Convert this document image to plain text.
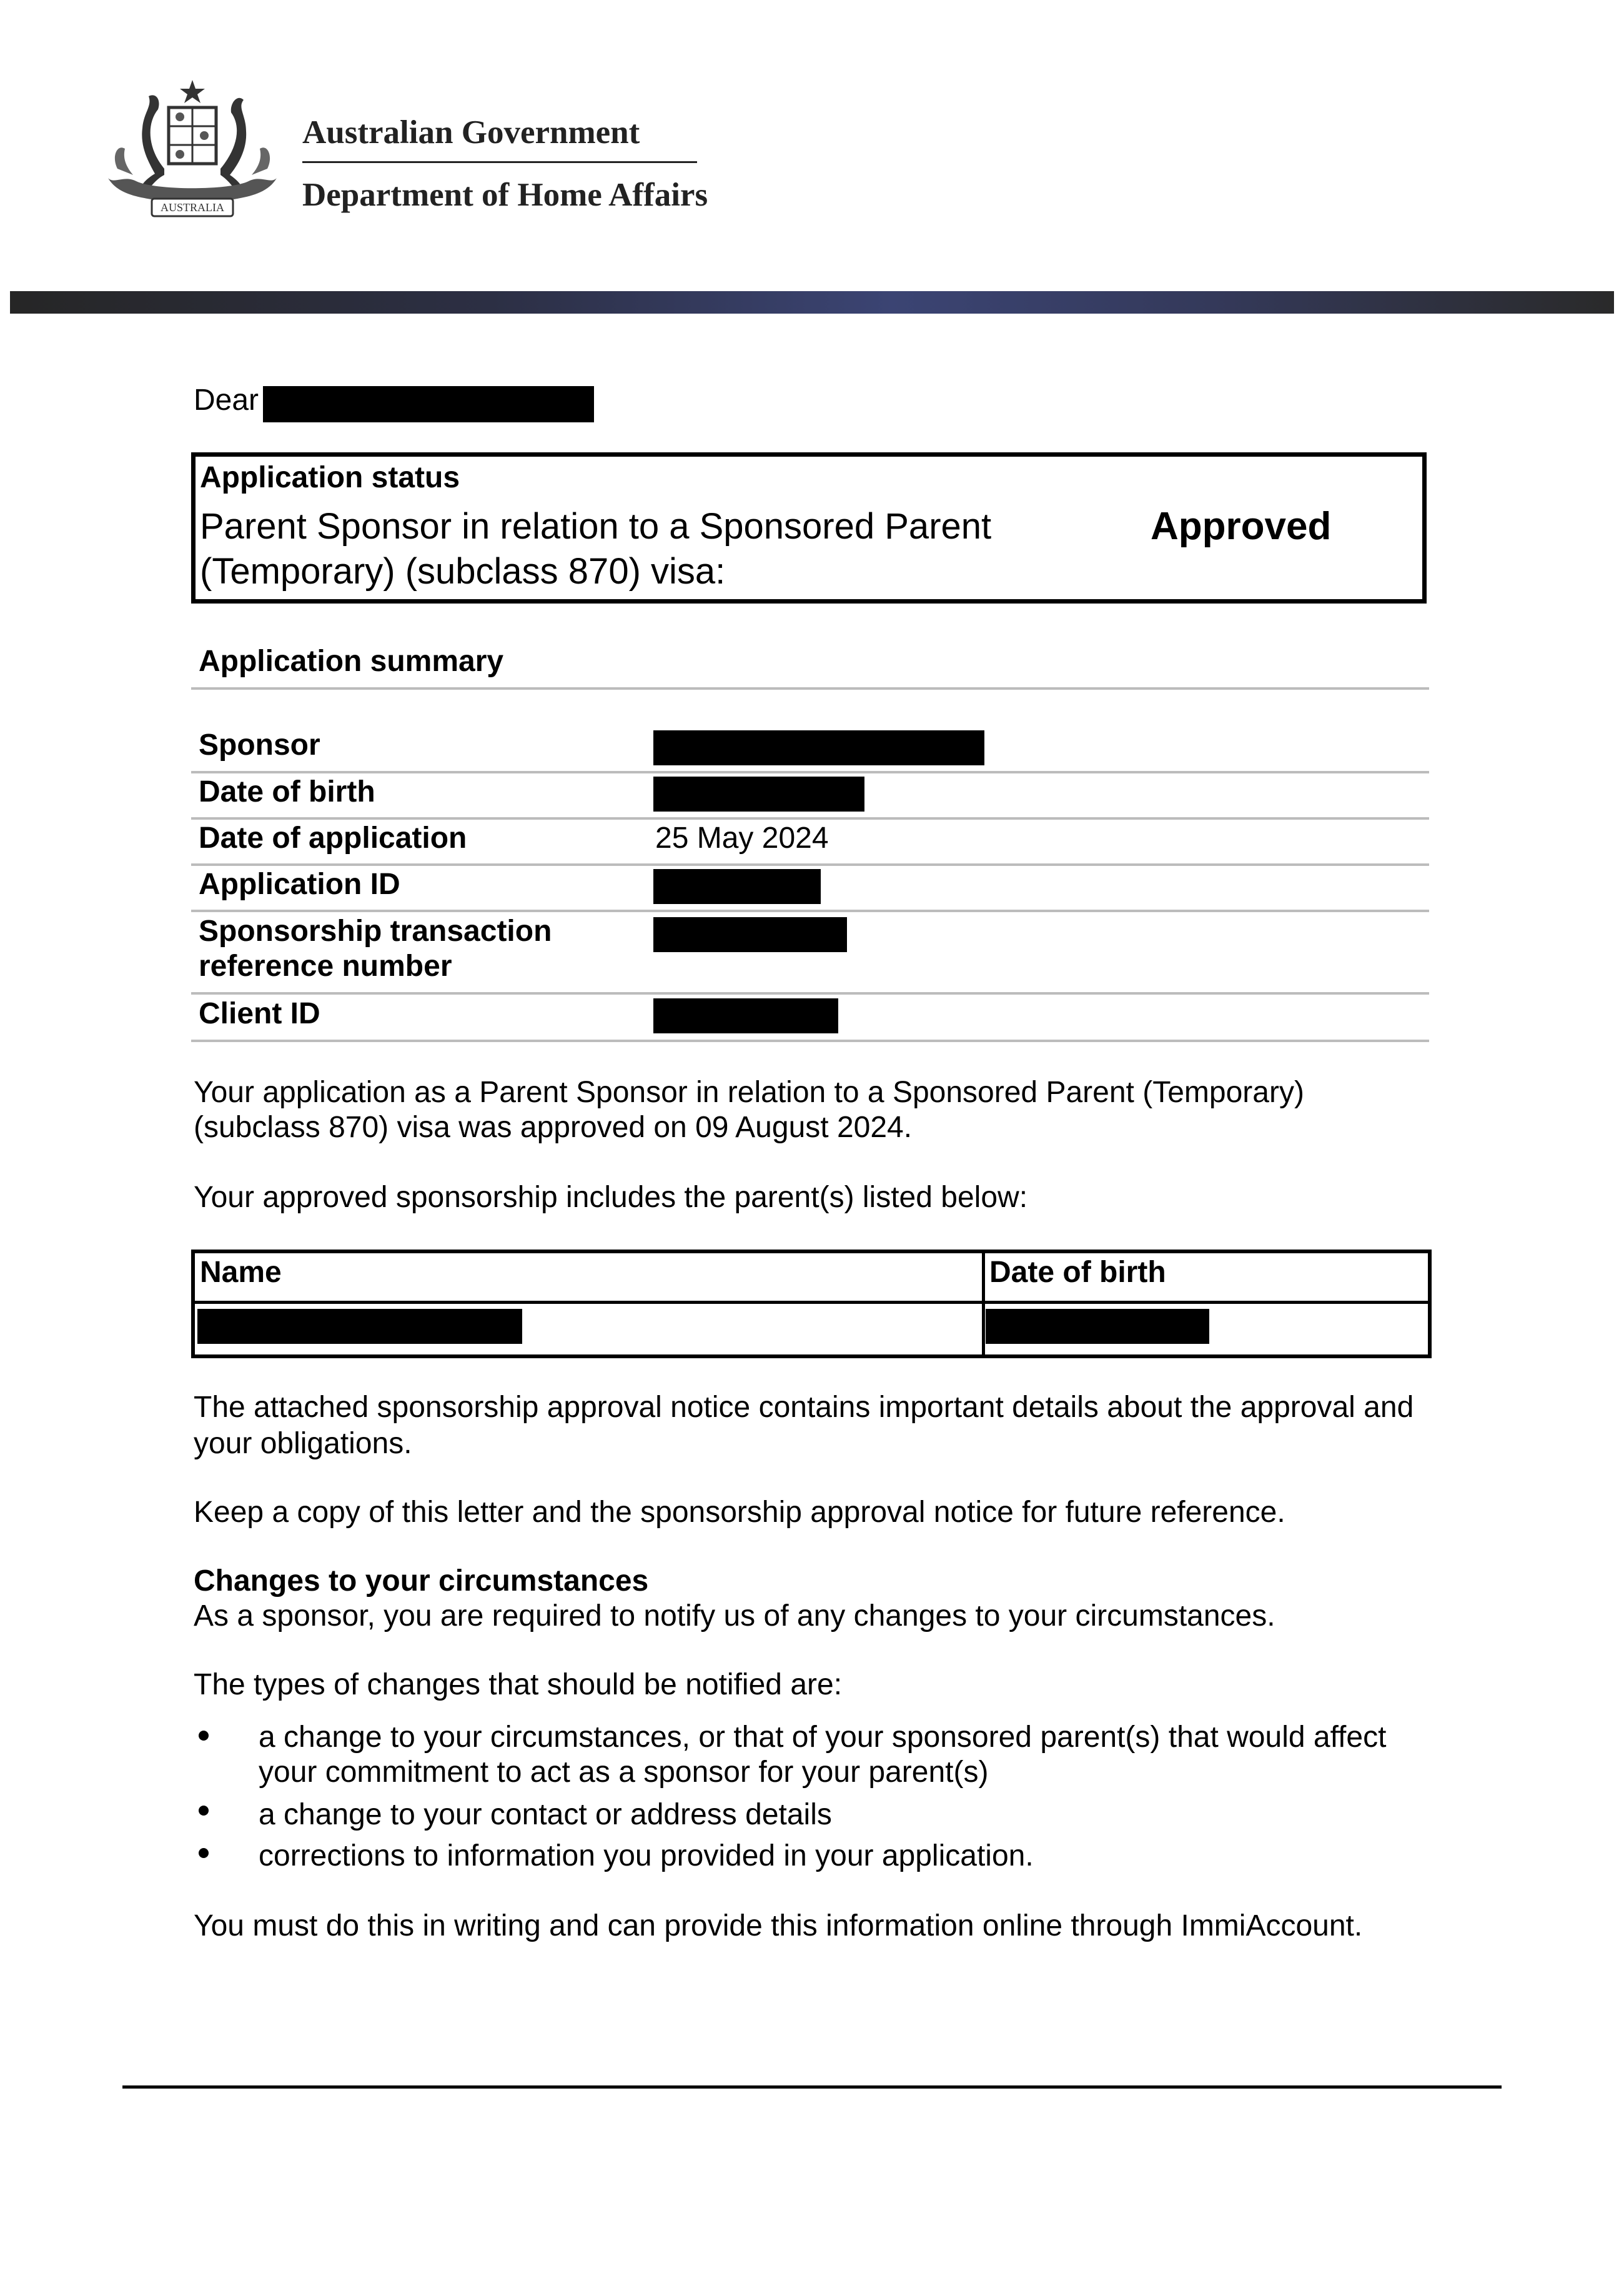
AUSTRALIA
Australian Government
Department of Home Affairs
Dear
Application status
Parent Sponsor in relation to a Sponsored Parent
(Temporary) (subclass 870) visa:
Approved
Application summary
Sponsor
Date of birth
Date of application	25 May 2024
Application ID
Sponsorship transaction
reference number
Client ID
Your application as a Parent Sponsor in relation to a Sponsored Parent (Temporary)
(subclass 870) visa was approved on 09 August 2024.
Your approved sponsorship includes the parent(s) listed below:
Name	Date of birth
The attached sponsorship approval notice contains important details about the approval and
your obligations.
Keep a copy of this letter and the sponsorship approval notice for future reference.
Changes to your circumstances
As a sponsor, you are required to notify us of any changes to your circumstances.
The types of changes that should be notified are:
a change to your circumstances, or that of your sponsored parent(s) that would affect
your commitment to act as a sponsor for your parent(s)
a change to your contact or address details
corrections to information you provided in your application.
You must do this in writing and can provide this information online through ImmiAccount.
